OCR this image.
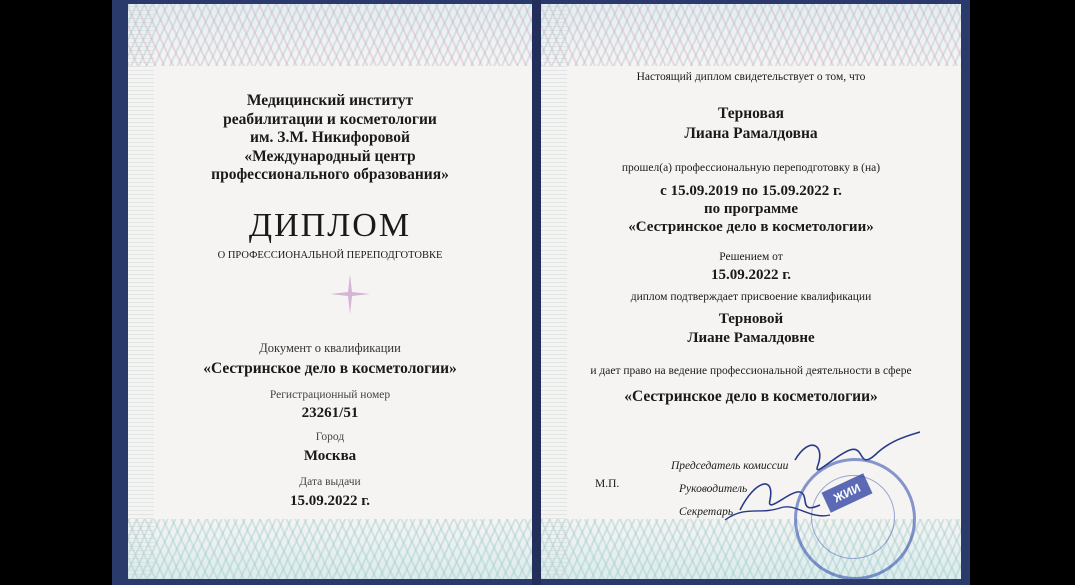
Медицинский институт
реабилитации и косметологии
им. З.М. Никифоровой
«Международный центр
профессионального образования»
ДИПЛОМ
О ПРОФЕССИОНАЛЬНОЙ ПЕРЕПОДГОТОВКЕ
Документ о квалификации
«Сестринское дело в косметологии»
Регистрационный номер
23261/51
Город
Москва
Дата выдачи
15.09.2022 г.
Настоящий диплом свидетельствует о том, что
Терновая
Лиана Рамалдовна
прошел(а) профессиональную переподготовку в (на)
с 15.09.2019 по 15.09.2022 г.
по программе
«Сестринское дело в косметологии»
Решением от
15.09.2022 г.
диплом подтверждает присвоение квалификации
Терновой
Лиане Рамалдовне
и дает право на ведение профессиональной деятельности в сфере
«Сестринское дело в косметологии»
М.П.
Председатель комиссии
Руководитель
Секретарь
ЖИИ
